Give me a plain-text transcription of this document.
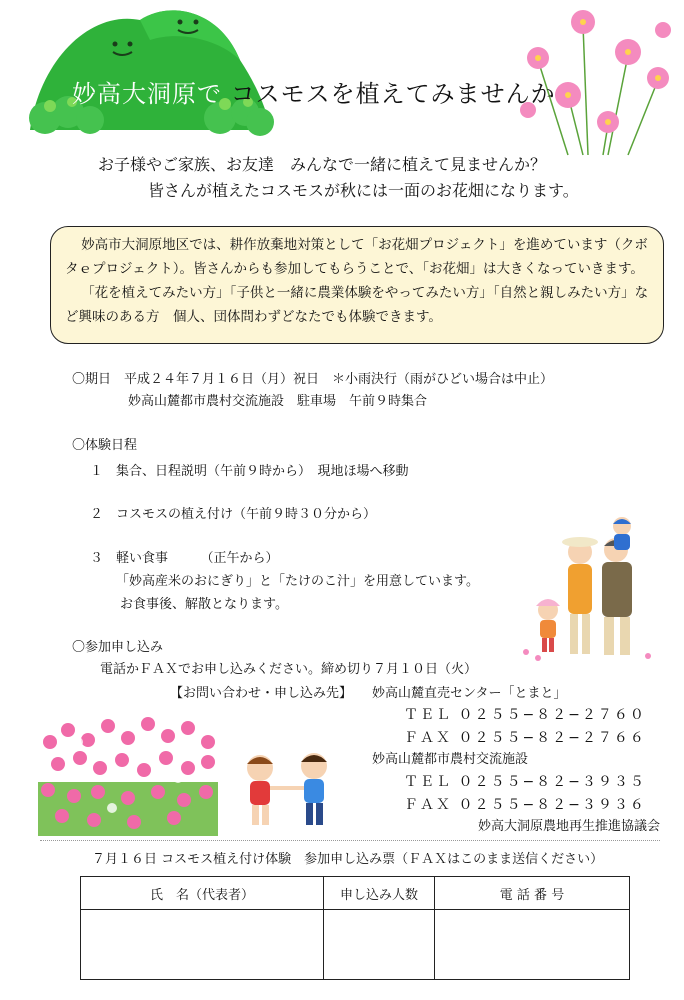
妙高大洞原で コスモスを植えてみませんか
お子様やご家族、お友達　みんなで一緒に植えて見ませんか？
皆さんが植えたコスモスが秋には一面のお花畑になります。

妙高市大洞原地区では、耕作放棄地対策として「お花畑プロジェクト」を進めています（クボタｅプロジェクト）。皆さんからも参加してもらうことで、「お花畑」は大きくなっていきます。

「花を植えてみたい方」「子供と一緒に農業体験をやってみたい方」「自然と親しみたい方」など興味のある方　個人、団体問わずどなたでも体験できます。

〇期日　平成２４年７月１６日（月）祝日　＊小雨決行（雨がひどい場合は中止）
妙高山麓都市農村交流施設　駐車場　午前９時集合
〇体験日程
１　集合、日程説明（午前９時から）　現地ほ場へ移動
２　コスモスの植え付け（午前９時３０分から）
３　軽い食事　　　（正午から）
「妙高産米のおにぎり」と「たけのこ汁」を用意しています。
お食事後、解散となります。
〇参加申し込み
電話かＦＡＸでお申し込みください。締め切り７月１０日（火）
【お問い合わせ・申し込み先】 妙高山麓直売センター「とまと」
ＴＥＬ ０２５５−８２−２７６０
ＦＡＸ ０２５５−８２−２７６６
妙高山麓都市農村交流施設
ＴＥＬ ０２５５−８２−３９３５
ＦＡＸ ０２５５−８２−３９３６
妙高大洞原農地再生推進協議会
７月１６日 コスモス植え付け体験　参加申し込み票（ＦＡＸはこのまま送信ください）
氏　名（代表者）	申し込み人数	電 話 番 号
